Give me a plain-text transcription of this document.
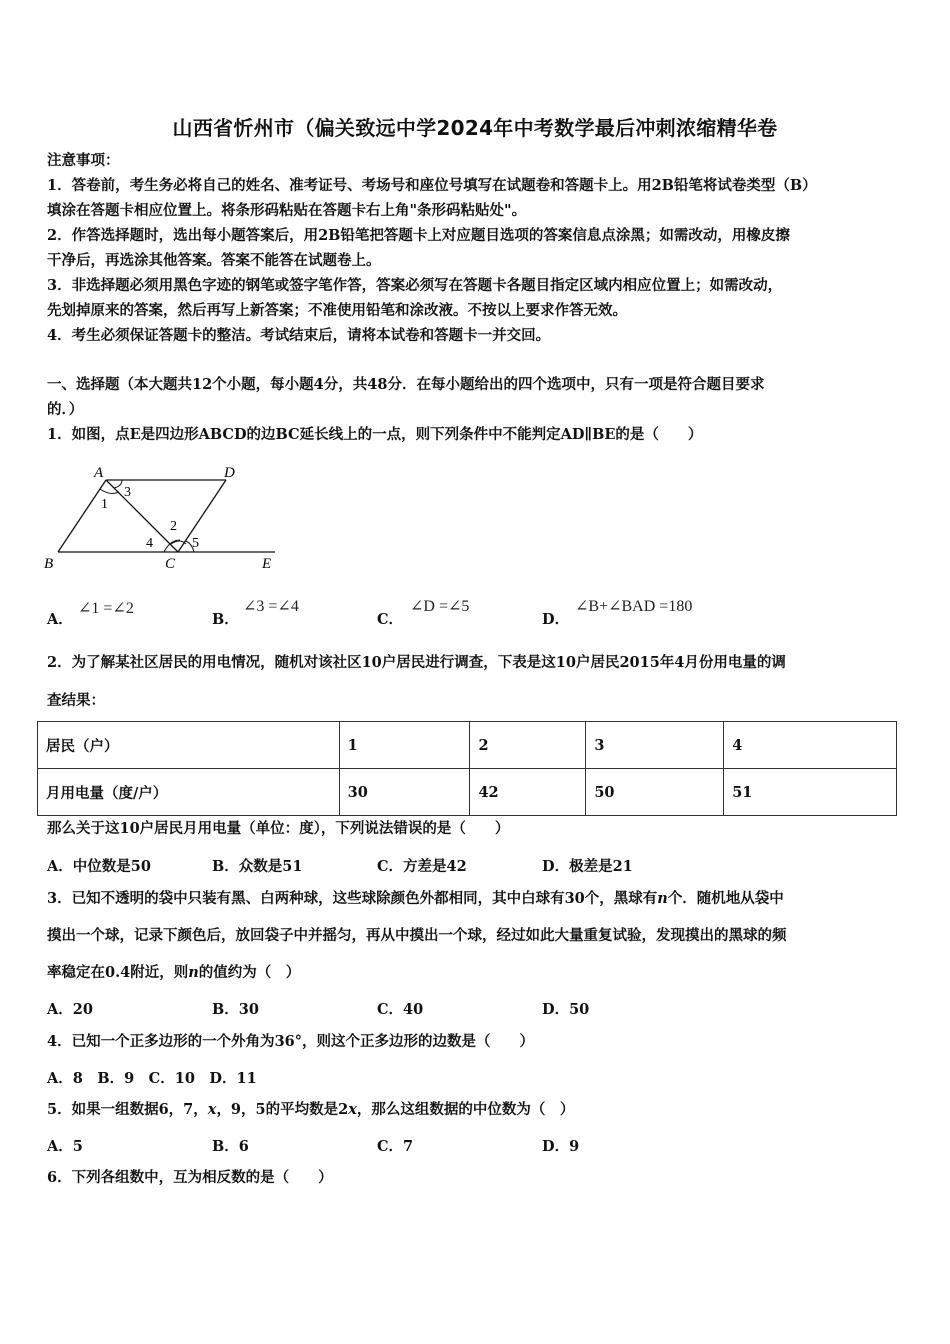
山西省忻州市（偏关致远中学2024年中考数学最后冲刺浓缩精华卷
注意事项：
1．答卷前，考生务必将自己的姓名、准考证号、考场号和座位号填写在试题卷和答题卡上。用2B铅笔将试卷类型（B）
填涂在答题卡相应位置上。将条形码粘贴在答题卡右上角"条形码粘贴处"。
2．作答选择题时，选出每小题答案后，用2B铅笔把答题卡上对应题目选项的答案信息点涂黑；如需改动，用橡皮擦
干净后，再选涂其他答案。答案不能答在试题卷上。
3．非选择题必须用黑色字迹的钢笔或签字笔作答，答案必须写在答题卡各题目指定区域内相应位置上；如需改动，
先划掉原来的答案，然后再写上新答案；不准使用铅笔和涂改液。不按以上要求作答无效。
4．考生必须保证答题卡的整洁。考试结束后，请将本试卷和答题卡一并交回。
一、选择题（本大题共12个小题，每小题4分，共48分．在每小题给出的四个选项中，只有一项是符合题目要求
的．）
1．如图，点E是四边形ABCD的边BC延长线上的一点，则下列条件中不能判定AD∥BE的是（　　）
A	D
B	C	E
1
3
2
4	5
A．
∠1 =∠2
B．
∠3 =∠4
C．
∠D =∠5
D．
∠B+∠BAD =180
2．为了解某社区居民的用电情况，随机对该社区10户居民进行调查，下表是这10户居民2015年4月份用电量的调
查结果：
居民（户）	1	2	3	4
月用电量（度/户）	30	42	50	51
那么关于这10户居民月用电量（单位：度），下列说法错误的是（　　）
A．中位数是50	B．众数是51	C．方差是42	D．极差是21
3．已知不透明的袋中只装有黑、白两种球，这些球除颜色外都相同，其中白球有30个，黑球有n个．随机地从袋中
摸出一个球，记录下颜色后，放回袋子中并摇匀，再从中摸出一个球，经过如此大量重复试验，发现摸出的黑球的频
率稳定在0.4附近，则n的值约为（　）
A．20	B．30	C．40	D．50
4．已知一个正多边形的一个外角为36°，则这个正多边形的边数是（　　）
A．8　B．9　C．10　D．11
5．如果一组数据6，7，x，9，5的平均数是2x，那么这组数据的中位数为（　）
A．5	B．6	C．7	D．9
6．下列各组数中，互为相反数的是（　　）
